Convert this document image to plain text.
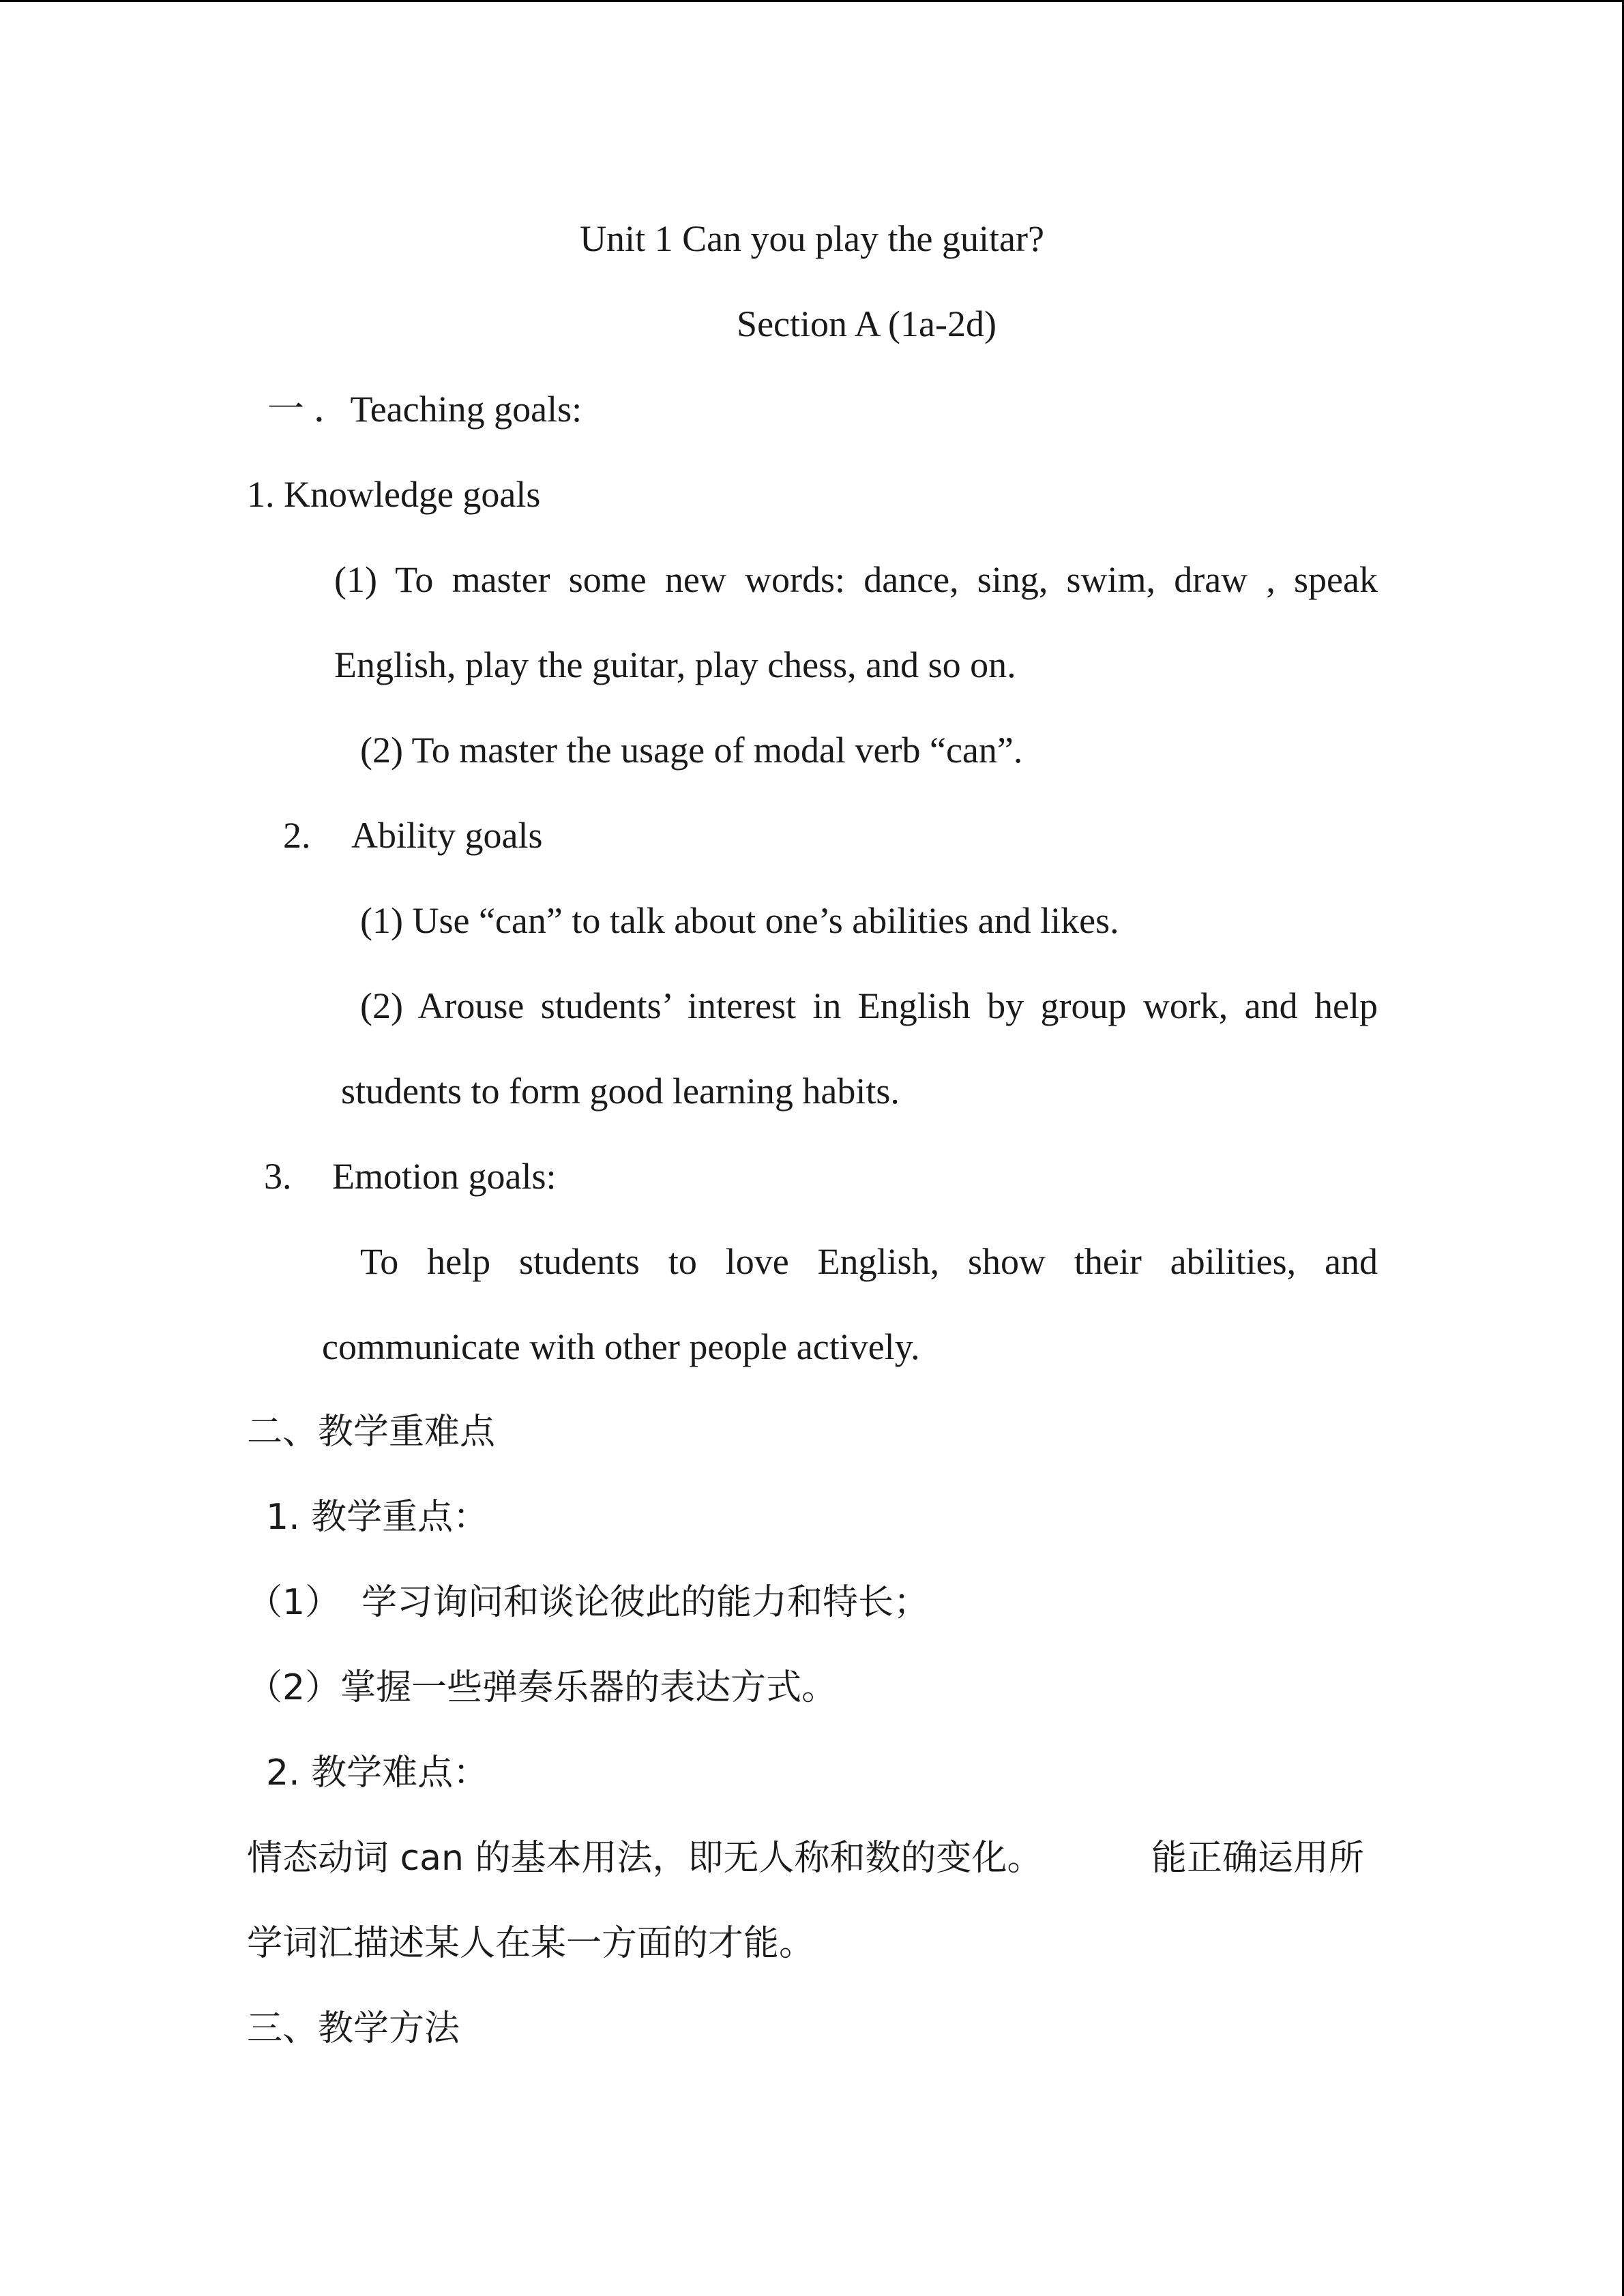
Unit 1 Can you play the guitar?
Section A (1a-2d)
一 ．Teaching goals:
1. Knowledge goals
(1) To master some new words: dance, sing, swim, draw , speak
English, play the guitar, play chess, and so on.
(2) To master the usage of modal verb “can”.
2. Ability goals
(1) Use “can” to talk about one’s abilities and likes.
(2) Arouse students’ interest in English by group work, and help
students to form good learning habits.
3. Emotion goals:
To help students to love English, show their abilities, and
communicate with other people actively.
二、教学重难点
1. 教学重点：
（1） 学习询问和谈论彼此的能力和特长；
（2）掌握一些弹奏乐器的表达方式。
2. 教学难点：
情态动词 can 的基本用法，即无人称和数的变化。	能正确运用所
学词汇描述某人在某一方面的才能。
三、教学方法
